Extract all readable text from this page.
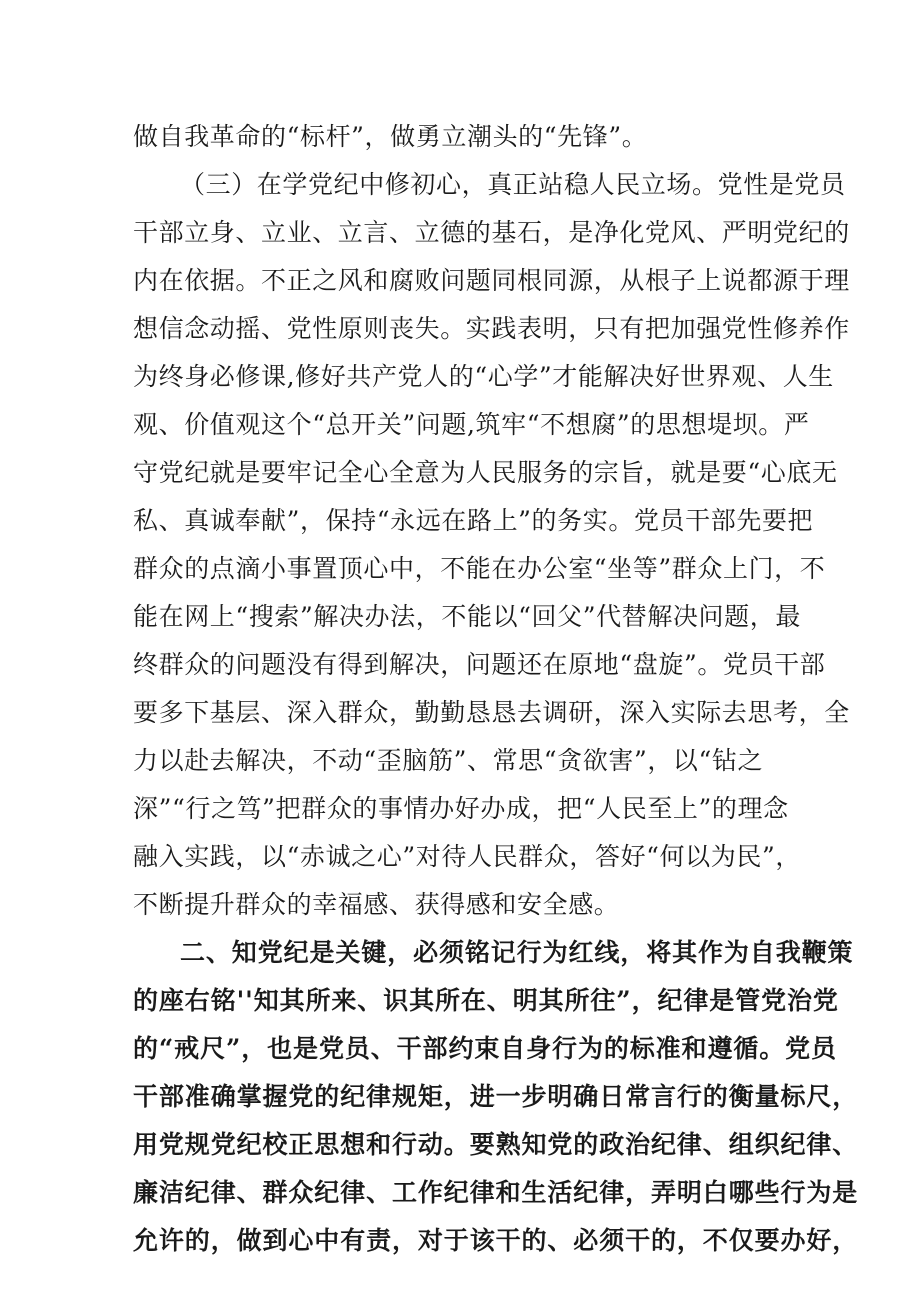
做自我革命的“标杆”，做勇立潮头的“先锋”。
（三）在学党纪中修初心，真正站稳人民立场。党性是党员
干部立身、立业、立言、立德的基石，是净化党风、严明党纪的
内在依据。不正之风和腐败问题同根同源，从根子上说都源于理
想信念动摇、党性原则丧失。实践表明，只有把加强党性修养作
为终身必修课,修好共产党人的“心学”才能解决好世界观、人生
观、价值观这个“总开关”问题,筑牢“不想腐”的思想堤坝。严
守党纪就是要牢记全心全意为人民服务的宗旨，就是要“心底无
私、真诚奉献”，保持“永远在路上”的务实。党员干部先要把
群众的点滴小事置顶心中，不能在办公室“坐等”群众上门，不
能在网上“搜索”解决办法，不能以“回父”代替解决问题，最
终群众的问题没有得到解决，问题还在原地“盘旋”。党员干部
要多下基层、深入群众，勤勤恳恳去调研，深入实际去思考，全
力以赴去解决，不动“歪脑筋”、常思“贪欲害”，以“钻之
深”“行之笃”把群众的事情办好办成，把“人民至上”的理念
融入实践，以“赤诚之心”对待人民群众，答好“何以为民”，
不断提升群众的幸福感、获得感和安全感。
二、知党纪是关键，必须铭记行为红线，将其作为自我鞭策
的座右铭''知其所来、识其所在、明其所往”，纪律是管党治党
的“戒尺”，也是党员、干部约束自身行为的标准和遵循。党员
干部准确掌握党的纪律规矩，进一步明确日常言行的衡量标尺，
用党规党纪校正思想和行动。要熟知党的政治纪律、组织纪律、
廉洁纪律、群众纪律、工作纪律和生活纪律，弄明白哪些行为是
允许的，做到心中有责，对于该干的、必须干的，不仅要办好，
